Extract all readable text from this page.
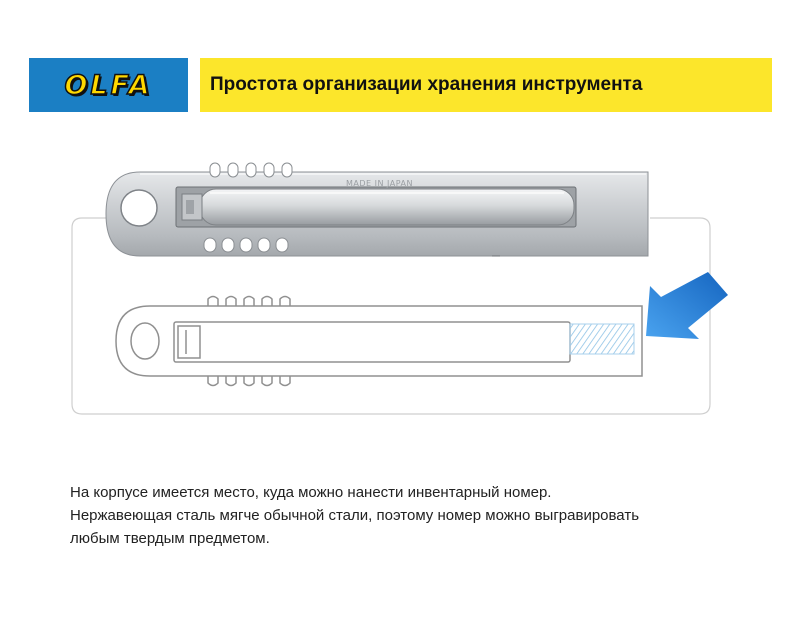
OLFA	Простота организации хранения инструмента
MADE IN JAPAN

На корпусе имеется место, куда можно нанести инвентарный номер.

Нержавеющая сталь мягче обычной стали, поэтому номер можно выгравировать

любым твердым предметом.
